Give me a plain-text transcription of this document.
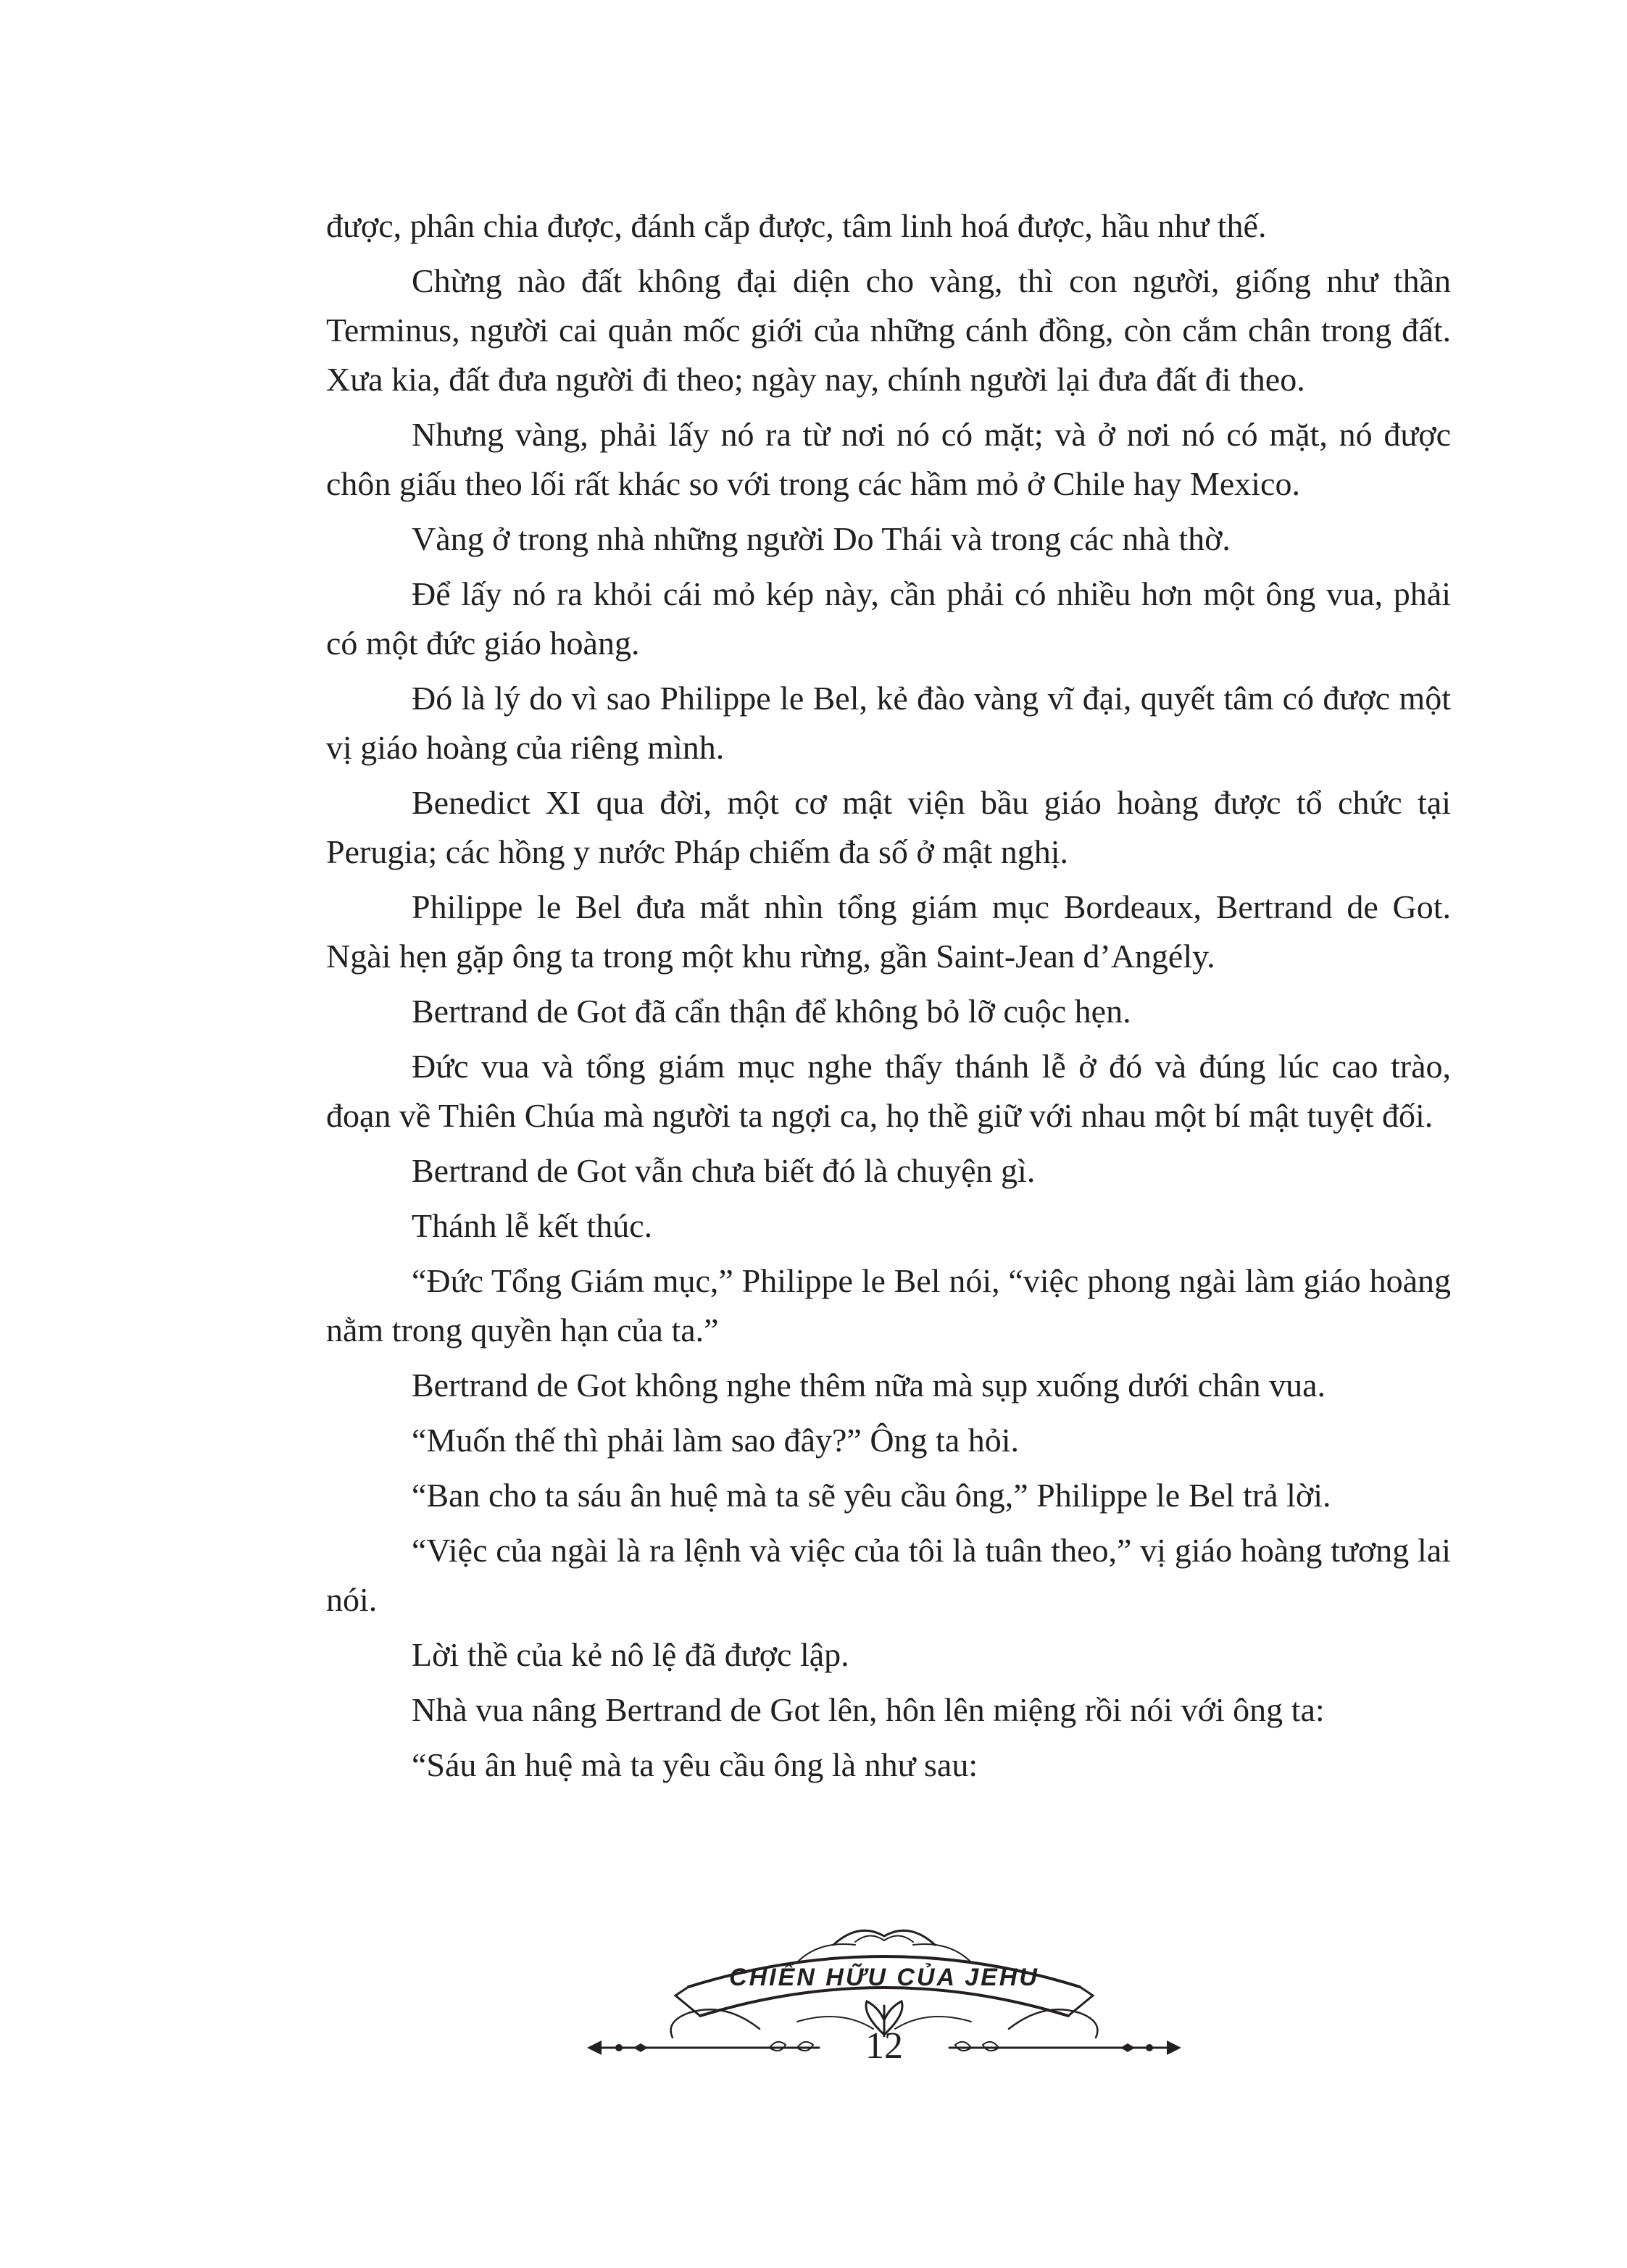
được, phân chia được, đánh cắp được, tâm linh hoá được, hầu như thế.

Chừng nào đất không đại diện cho vàng, thì con người, giống như thần Terminus, người cai quản mốc giới của những cánh đồng, còn cắm chân trong đất. Xưa kia, đất đưa người đi theo; ngày nay, chính người lại đưa đất đi theo.

Nhưng vàng, phải lấy nó ra từ nơi nó có mặt; và ở nơi nó có mặt, nó được chôn giấu theo lối rất khác so với trong các hầm mỏ ở Chile hay Mexico.

Vàng ở trong nhà những người Do Thái và trong các nhà thờ.

Để lấy nó ra khỏi cái mỏ kép này, cần phải có nhiều hơn một ông vua, phải có một đức giáo hoàng.

Đó là lý do vì sao Philippe le Bel, kẻ đào vàng vĩ đại, quyết tâm có được một vị giáo hoàng của riêng mình.

Benedict XI qua đời, một cơ mật viện bầu giáo hoàng được tổ chức tại Perugia; các hồng y nước Pháp chiếm đa số ở mật nghị.

Philippe le Bel đưa mắt nhìn tổng giám mục Bordeaux, Bertrand de Got. Ngài hẹn gặp ông ta trong một khu rừng, gần Saint-Jean d’Angély.

Bertrand de Got đã cẩn thận để không bỏ lỡ cuộc hẹn.

Đức vua và tổng giám mục nghe thấy thánh lễ ở đó và đúng lúc cao trào, đoạn về Thiên Chúa mà người ta ngợi ca, họ thề giữ với nhau một bí mật tuyệt đối.

Bertrand de Got vẫn chưa biết đó là chuyện gì.

Thánh lễ kết thúc.

“Đức Tổng Giám mục,” Philippe le Bel nói, “việc phong ngài làm giáo hoàng nằm trong quyền hạn của ta.”

Bertrand de Got không nghe thêm nữa mà sụp xuống dưới chân vua.

“Muốn thế thì phải làm sao đây?” Ông ta hỏi.

“Ban cho ta sáu ân huệ mà ta sẽ yêu cầu ông,” Philippe le Bel trả lời.

“Việc của ngài là ra lệnh và việc của tôi là tuân theo,” vị giáo hoàng tương lai nói.

Lời thề của kẻ nô lệ đã được lập.

Nhà vua nâng Bertrand de Got lên, hôn lên miệng rồi nói với ông ta:

“Sáu ân huệ mà ta yêu cầu ông là như sau:

CHIẾN HỮU CỦA JEHU
12
